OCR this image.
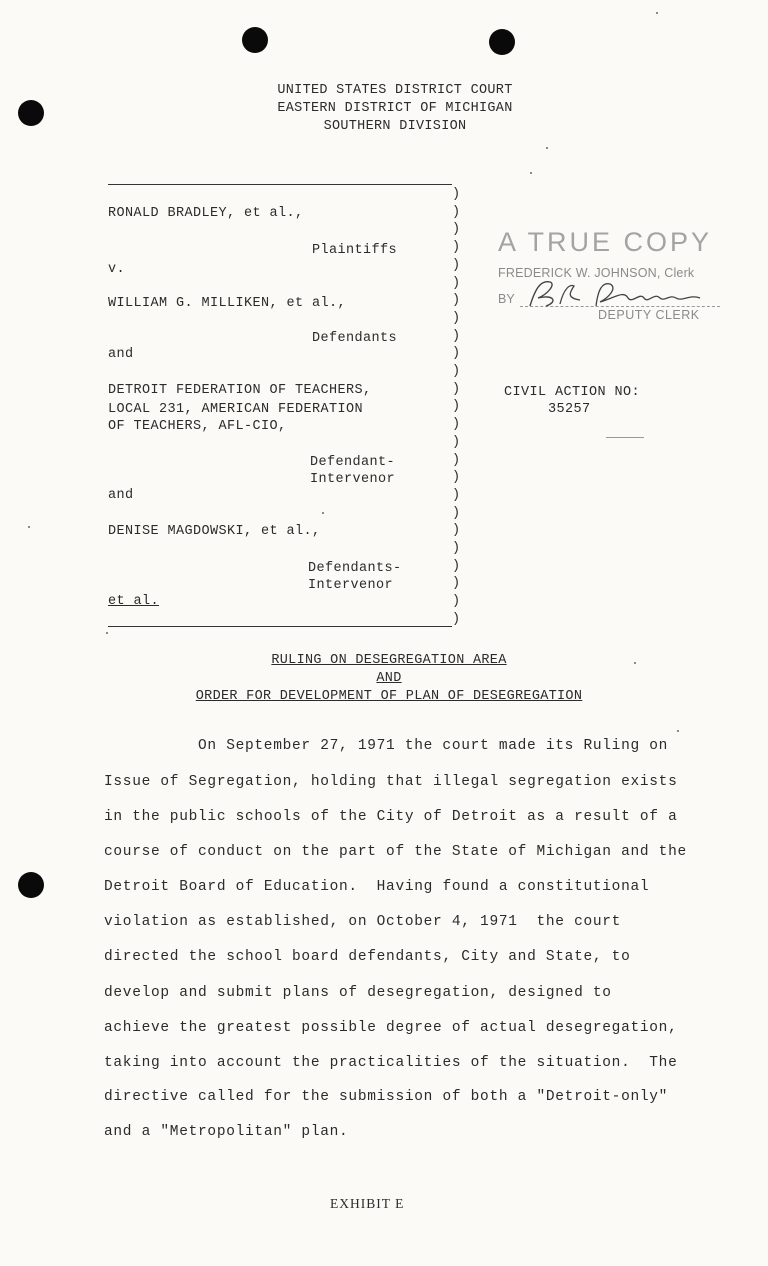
UNITED STATES DISTRICT COURT
EASTERN DISTRICT OF MICHIGAN
SOUTHERN DIVISION
RONALD BRADLEY, et al.,
Plaintiffs
v.
WILLIAM G. MILLIKEN, et al.,
Defendants
and
DETROIT FEDERATION OF TEACHERS,
LOCAL 231, AMERICAN FEDERATION
OF TEACHERS, AFL-CIO,
Defendant-
Intervenor
and
DENISE MAGDOWSKI, et al.,
Defendants-
Intervenor
et al.
)
)
)
)
)
)
)
)
)
)
)
)
)
)
)
)
)
)
)
)
)
)
)
)
)
A TRUE COPY
FREDERICK W. JOHNSON, Clerk
BY
DEPUTY CLERK
CIVIL ACTION NO:
35257
RULING ON DESEGREGATION AREA
AND
ORDER FOR DEVELOPMENT OF PLAN OF DESEGREGATION
On September 27, 1971 the court made its Ruling on
Issue of Segregation, holding that illegal segregation exists
in the public schools of the City of Detroit as a result of a
course of conduct on the part of the State of Michigan and the
Detroit Board of Education.  Having found a constitutional
violation as established, on October 4, 1971  the court
directed the school board defendants, City and State, to
develop and submit plans of desegregation, designed to
achieve the greatest possible degree of actual desegregation,
taking into account the practicalities of the situation.  The
directive called for the submission of both a "Detroit-only"
and a "Metropolitan" plan.
EXHIBIT E
